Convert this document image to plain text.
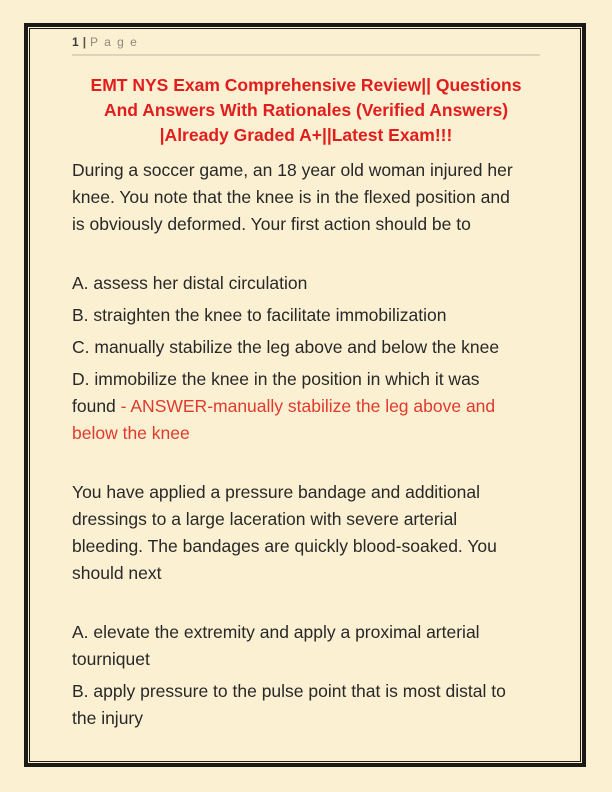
1 | P a g e
EMT NYS Exam Comprehensive Review|| Questions And Answers With Rationales (Verified Answers) |Already Graded A+||Latest Exam!!!

During a soccer game, an 18 year old woman injured her knee. You note that the knee is in the flexed position and is obviously deformed. Your first action should be to

A. assess her distal circulation

B. straighten the knee to facilitate immobilization

C. manually stabilize the leg above and below the knee

D. immobilize the knee in the position in which it was found - ANSWER-manually stabilize the leg above and below the knee

You have applied a pressure bandage and additional dressings to a large laceration with severe arterial bleeding. The bandages are quickly blood-soaked. You should next

A. elevate the extremity and apply a proximal arterial tourniquet

B. apply pressure to the pulse point that is most distal to the injury
